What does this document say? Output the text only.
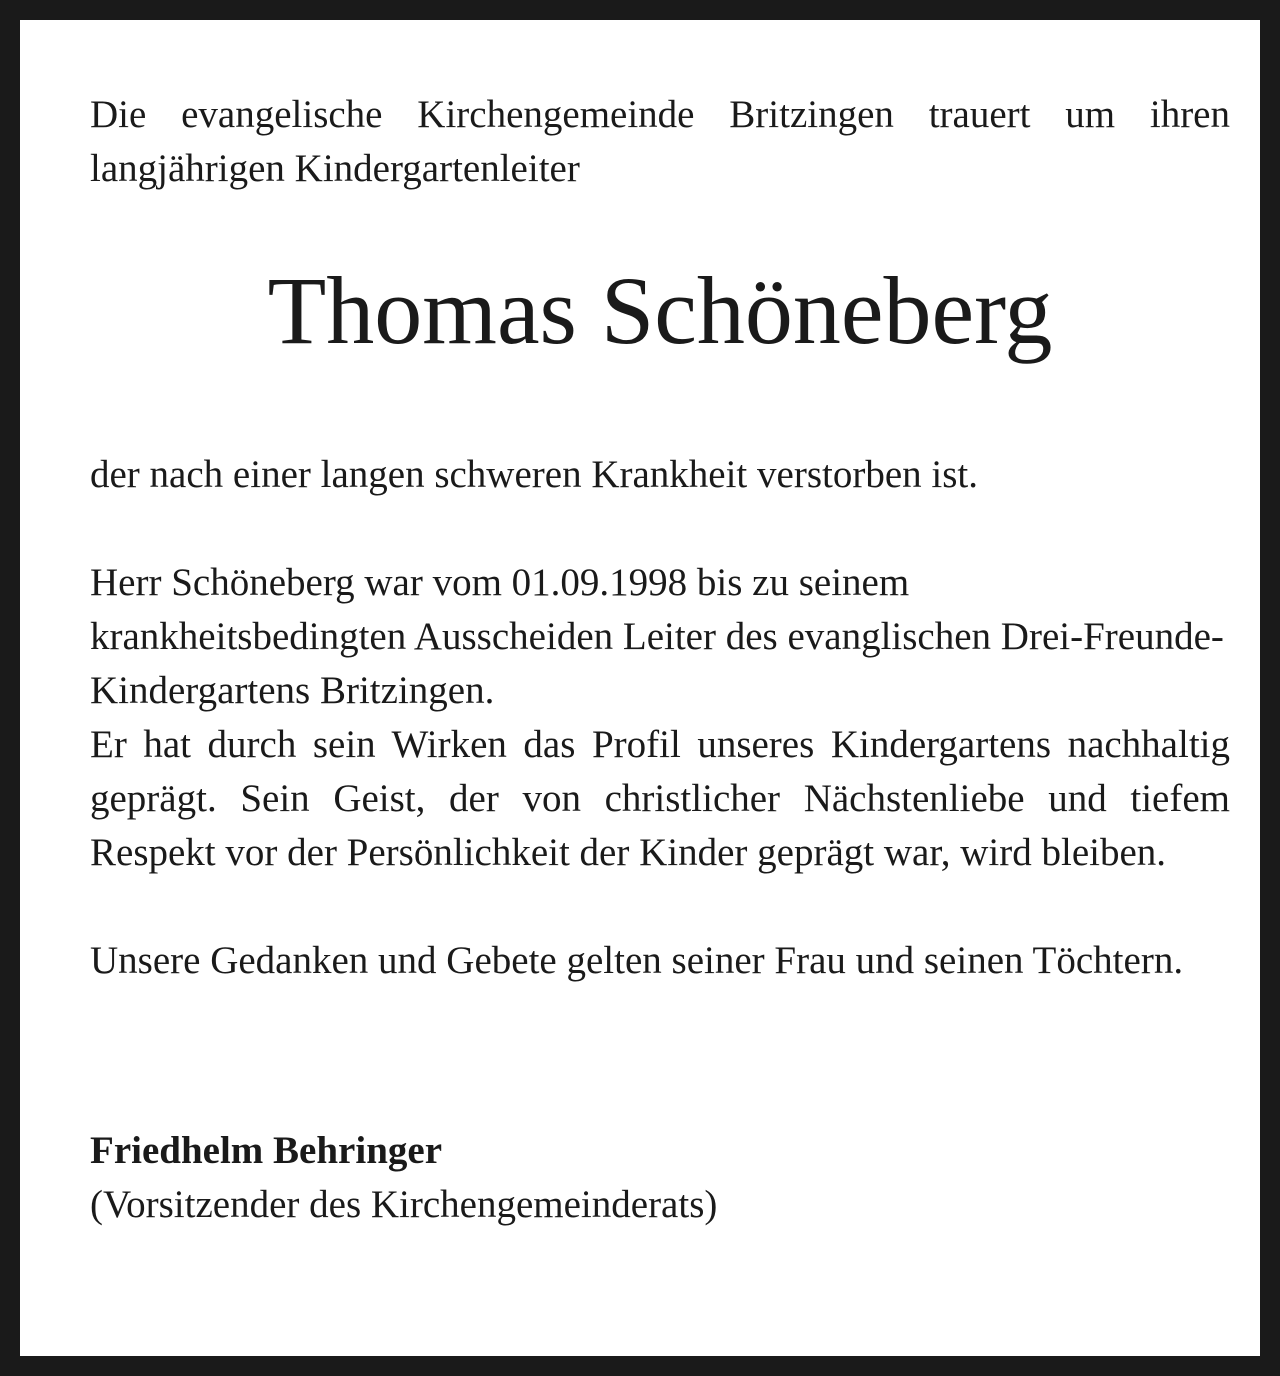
Die evangelische Kirchengemeinde Britzingen trauert um ihren langjährigen Kindergartenleiter

Thomas Schöneberg

der nach einer langen schweren Krankheit verstorben ist.

Herr Schöneberg war vom 01.09.1998 bis zu seinem krankheitsbedingten Ausscheiden Leiter des evanglischen Drei-Freunde-Kindergartens Britzingen.

Er hat durch sein Wirken das Profil unseres Kindergartens nachhaltig geprägt. Sein Geist, der von christlicher Nächstenliebe und tiefem Respekt vor der Persönlichkeit der Kinder geprägt war, wird bleiben.

Unsere Gedanken und Gebete gelten seiner Frau und seinen Töchtern.

Friedhelm Behringer

(Vorsitzender des Kirchengemeinderats)
